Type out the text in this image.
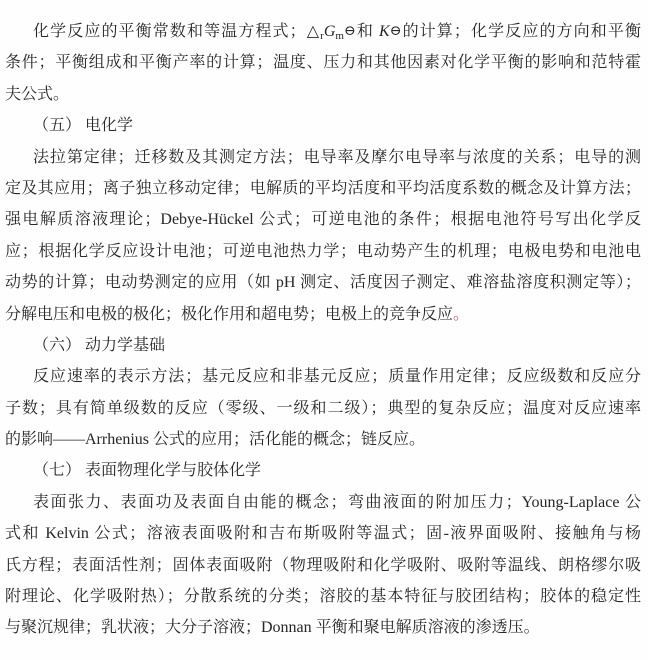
化学反应的平衡常数和等温方程式；$\triangle_rG_m⊖$和 K⊖的计算；化学反应的方向和平衡
条件；平衡组成和平衡产率的计算；温度、压力和其他因素对化学平衡的影响和范特霍
夫公式。
（五） 电化学
法拉第定律；迁移数及其测定方法；电导率及摩尔电导率与浓度的关系；电导的测
定及其应用；离子独立移动定律；电解质的平均活度和平均活度系数的概念及计算方法；
强电解质溶液理论；Debye-Hückel 公式；可逆电池的条件；根据电池符号写出化学反
应；根据化学反应设计电池；可逆电池热力学；电动势产生的机理；电极电势和电池电
动势的计算；电动势测定的应用（如 pH 测定、活度因子测定、难溶盐溶度积测定等）；
分解电压和电极的极化；极化作用和超电势；电极上的竞争反应。
（六） 动力学基础
反应速率的表示方法；基元反应和非基元反应；质量作用定律；反应级数和反应分
子数；具有简单级数的反应（零级、一级和二级）；典型的复杂反应；温度对反应速率
的影响——Arrhenius 公式的应用；活化能的概念；链反应。
（七） 表面物理化学与胶体化学
表面张力、表面功及表面自由能的概念；弯曲液面的附加压力；Young-Laplace 公
式和 Kelvin 公式；溶液表面吸附和吉布斯吸附等温式；固-液界面吸附、接触角与杨
氏方程；表面活性剂；固体表面吸附（物理吸附和化学吸附、吸附等温线、朗格缪尔吸
附理论、化学吸附热）；分散系统的分类；溶胶的基本特征与胶团结构；胶体的稳定性
与聚沉规律；乳状液；大分子溶液；Donnan 平衡和聚电解质溶液的渗透压。
